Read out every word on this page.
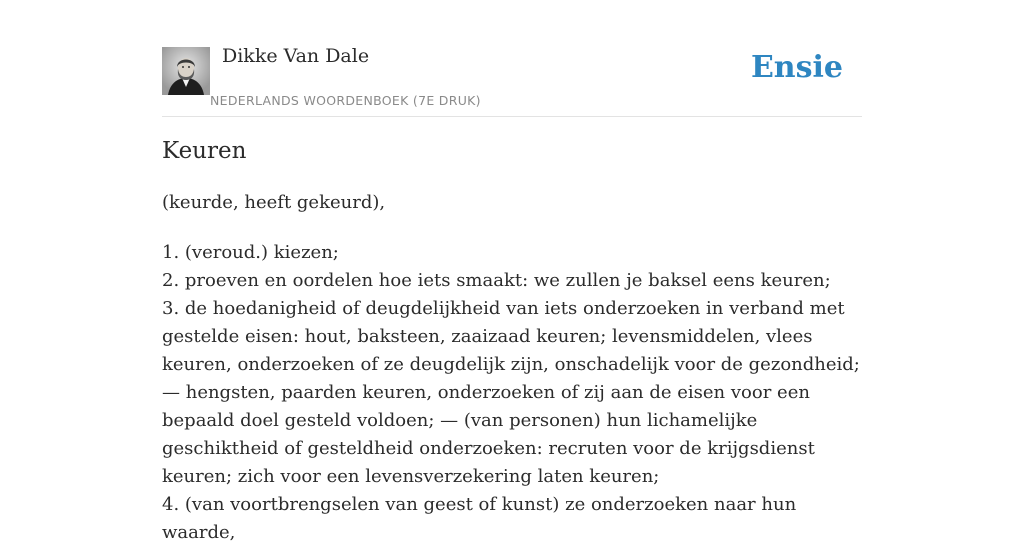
Dikke Van Dale
NEDERLANDS WOORDENBOEK (7E DRUK)
Ensie
Keuren
(keurde, heeft gekeurd),
1. (veroud.) kiezen;
2. proeven en oordelen hoe iets smaakt: we zullen je baksel eens keuren;
3. de hoedanigheid of deugdelijkheid van iets onderzoeken in verband met gestelde eisen: hout, baksteen, zaaizaad keuren; levensmiddelen, vlees keuren, onderzoeken of ze deugdelijk zijn, onschadelijk voor de gezondheid; — hengsten, paarden keuren, onderzoeken of zij aan de eisen voor een bepaald doel gesteld voldoen; — (van personen) hun lichamelijke geschiktheid of gesteldheid onderzoeken: recruten voor de krijgsdienst keuren; zich voor een levensverzekering laten keuren;
4. (van voortbrengselen van geest of kunst) ze onderzoeken naar hun waarde,
